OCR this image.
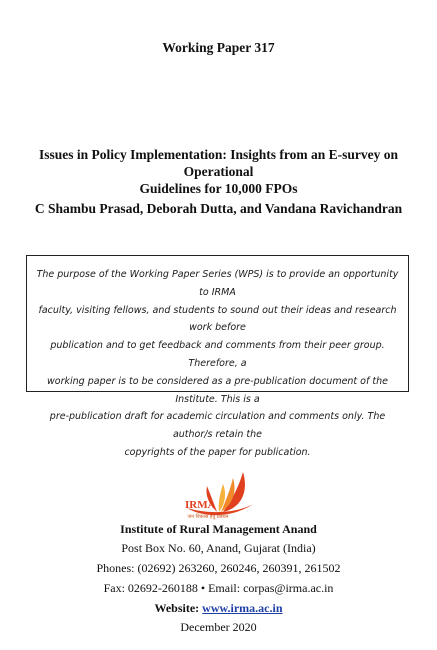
Working Paper 317
Issues in Policy Implementation: Insights from an E-survey on Operational
Guidelines for 10,000 FPOs
C Shambu Prasad, Deborah Dutta, and Vandana Ravichandran

The purpose of the Working Paper Series (WPS) is to provide an opportunity to IRMA
faculty, visiting fellows, and students to sound out their ideas and research work before
publication and to get feedback and comments from their peer group. Therefore, a
working paper is to be considered as a pre-publication document of the Institute. This is a
pre-publication draft for academic circulation and comments only. The author/s retain the
copyrights of the paper for publication.

IRMA
जन विकास हेतु प्रबंधन
Institute of Rural Management Anand
Post Box No. 60, Anand, Gujarat (India)
Phones: (02692) 263260, 260246, 260391, 261502
Fax: 02692-260188 • Email: corpas@irma.ac.in
Website: www.irma.ac.in
December 2020
